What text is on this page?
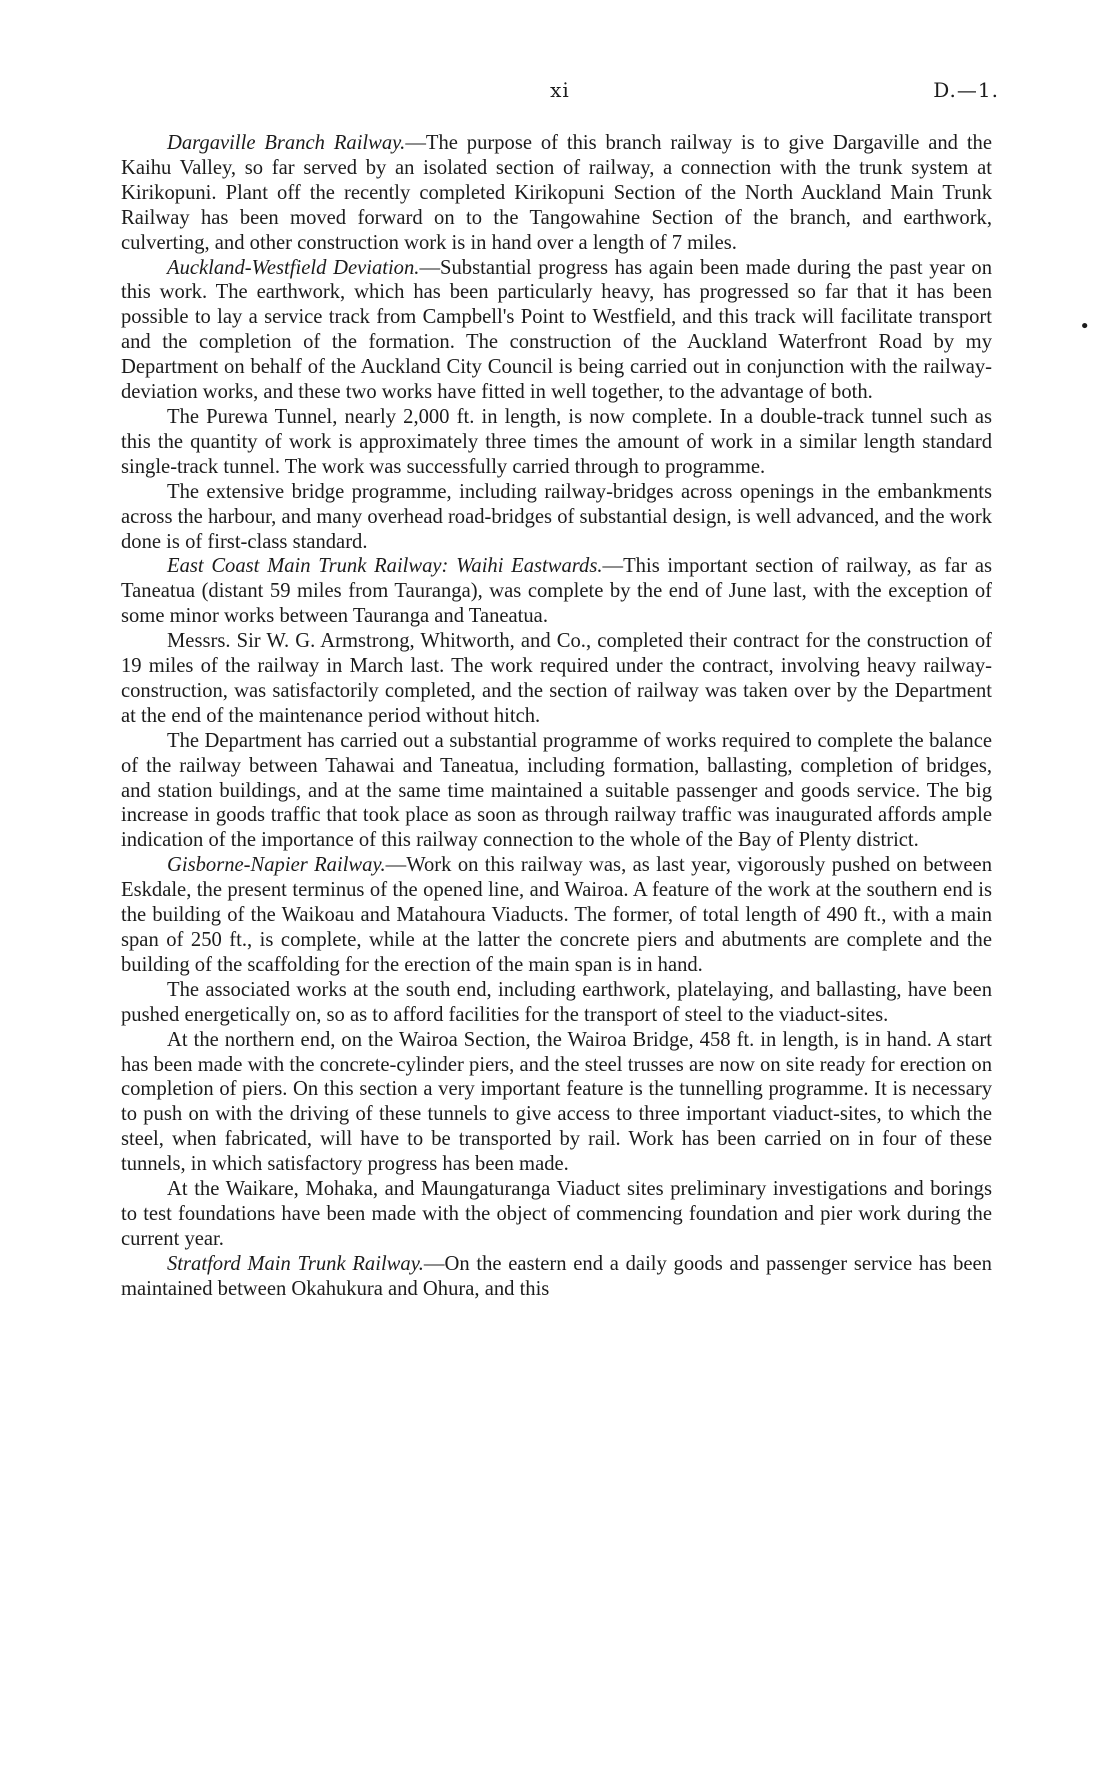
xi	D.—1.
•

Dargaville Branch Railway.—The purpose of this branch railway is to give Dargaville and the Kaihu Valley, so far served by an isolated section of railway, a connection with the trunk system at Kirikopuni. Plant off the recently completed Kirikopuni Section of the North Auckland Main Trunk Railway has been moved forward on to the Tangowahine Section of the branch, and earthwork, culverting, and other construction work is in hand over a length of 7 miles.

Auckland-Westfield Deviation.—Substantial progress has again been made during the past year on this work. The earthwork, which has been particularly heavy, has progressed so far that it has been possible to lay a service track from Campbell's Point to Westfield, and this track will facilitate transport and the completion of the formation. The construction of the Auckland Waterfront Road by my Department on behalf of the Auckland City Council is being carried out in conjunction with the railway-deviation works, and these two works have fitted in well together, to the advantage of both.

The Purewa Tunnel, nearly 2,000 ft. in length, is now complete. In a double-track tunnel such as this the quantity of work is approximately three times the amount of work in a similar length standard single-track tunnel. The work was successfully carried through to programme.

The extensive bridge programme, including railway-bridges across openings in the embankments across the harbour, and many overhead road-bridges of substantial design, is well advanced, and the work done is of first-class standard.

East Coast Main Trunk Railway: Waihi Eastwards.—This important section of railway, as far as Taneatua (distant 59 miles from Tauranga), was complete by the end of June last, with the exception of some minor works between Tauranga and Taneatua.

Messrs. Sir W. G. Armstrong, Whitworth, and Co., completed their contract for the construction of 19 miles of the railway in March last. The work required under the contract, involving heavy railway-construction, was satisfactorily completed, and the section of railway was taken over by the Department at the end of the maintenance period without hitch.

The Department has carried out a substantial programme of works required to complete the balance of the railway between Tahawai and Taneatua, including formation, ballasting, completion of bridges, and station buildings, and at the same time maintained a suitable passenger and goods service. The big increase in goods traffic that took place as soon as through railway traffic was inaugurated affords ample indication of the importance of this railway connection to the whole of the Bay of Plenty district.

Gisborne-Napier Railway.—Work on this railway was, as last year, vigorously pushed on between Eskdale, the present terminus of the opened line, and Wairoa. A feature of the work at the southern end is the building of the Waikoau and Matahoura Viaducts. The former, of total length of 490 ft., with a main span of 250 ft., is complete, while at the latter the concrete piers and abutments are complete and the building of the scaffolding for the erection of the main span is in hand.

The associated works at the south end, including earthwork, platelaying, and ballasting, have been pushed energetically on, so as to afford facilities for the transport of steel to the viaduct-sites.

At the northern end, on the Wairoa Section, the Wairoa Bridge, 458 ft. in length, is in hand. A start has been made with the concrete-cylinder piers, and the steel trusses are now on site ready for erection on completion of piers. On this section a very important feature is the tunnelling programme. It is necessary to push on with the driving of these tunnels to give access to three important viaduct-sites, to which the steel, when fabricated, will have to be transported by rail. Work has been carried on in four of these tunnels, in which satisfactory progress has been made.

At the Waikare, Mohaka, and Maungaturanga Viaduct sites preliminary investigations and borings to test foundations have been made with the object of commencing foundation and pier work during the current year.

Stratford Main Trunk Railway.—On the eastern end a daily goods and passenger service has been maintained between Okahukura and Ohura, and this
